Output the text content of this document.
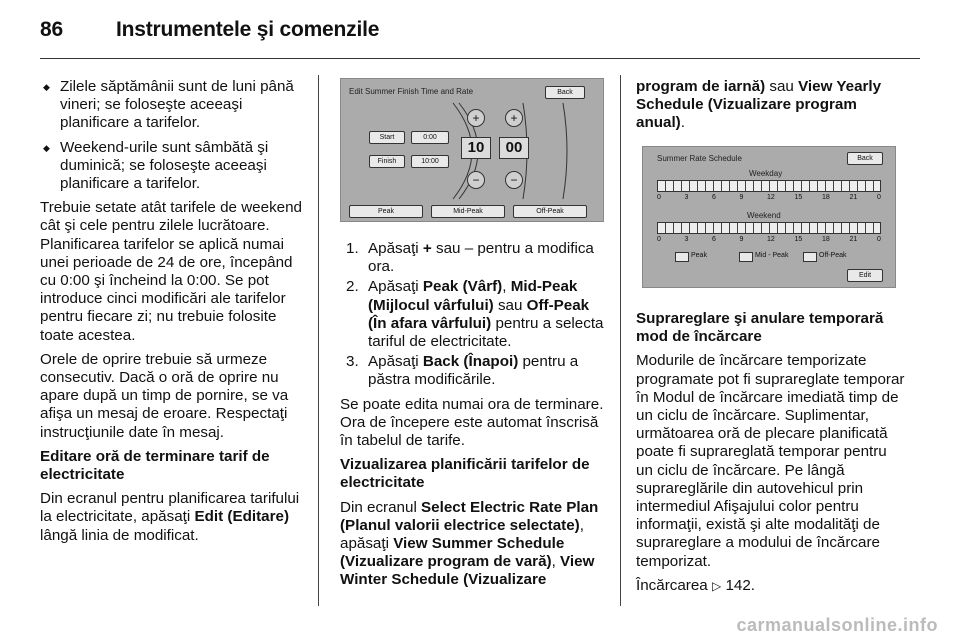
86	Instrumentele şi comenzile
◆ Zilele săptămânii sunt de luni până vineri; se foloseşte aceeaşi planificare a tarifelor.
◆ Weekend-urile sunt sâmbătă şi duminică; se foloseşte aceeaşi planificare a tarifelor.

Trebuie setate atât tarifele de weekend cât şi cele pentru zilele lucrătoare. Planificarea tarifelor se aplică numai unei perioade de 24 de ore, începând cu 0:00 şi încheind la 0:00. Se pot introduce cinci modificări ale tarifelor pentru fiecare zi; nu trebuie folosite toate acestea.

Orele de oprire trebuie să urmeze consecutiv. Dacă o oră de oprire nu apare după un timp de pornire, se va afişa un mesaj de eroare. Respectaţi instrucţiunile date în mesaj.

Editare oră de terminare tarif de electricitate

Din ecranul pentru planificarea tarifului la electricitate, apăsaţi Edit (Editare) lângă linia de modificat.

Edit Summer Finish Time and Rate	Back
Start	0:00
Finish	10:00
+
10
−
+
00
−
Peak	Mid-Peak	Off-Peak
1. Apăsaţi + sau – pentru a modifica ora.
2. Apăsaţi Peak (Vârf), Mid-Peak (Mijlocul vârfului) sau Off-Peak (În afara vârfului) pentru a selecta tariful de electricitate.
3. Apăsaţi Back (Înapoi) pentru a păstra modificările.

Se poate edita numai ora de terminare. Ora de începere este automat înscrisă în tabelul de tarife.

Vizualizarea planificării tarifelor de electricitate

Din ecranul Select Electric Rate Plan (Planul valorii electrice selectate), apăsaţi View Summer Schedule (Vizualizare program de vară), View Winter Schedule (Vizualizare

program de iarnă) sau View Yearly Schedule (Vizualizare program anual).

Summer Rate Schedule	Back
Weekday
0	3	6	9	12	15	18	21	0
Weekend
0	3	6	9	12	15	18	21	0
Peak	Mid - Peak	Off-Peak
Edit

Suprareglare şi anulare temporară mod de încărcare

Modurile de încărcare temporizate programate pot fi suprareglate temporar în Modul de încărcare imediată timp de un ciclu de încărcare. Suplimentar, următoarea oră de plecare planificată poate fi suprareglată temporar pentru un ciclu de încărcare. Pe lângă suprareglările din autovehicul prin intermediul Afişajului color pentru informaţii, există şi alte modalităţi de suprareglare a modului de încărcare temporizat.

Încărcarea ▷ 142.

carmanualsonline.info
